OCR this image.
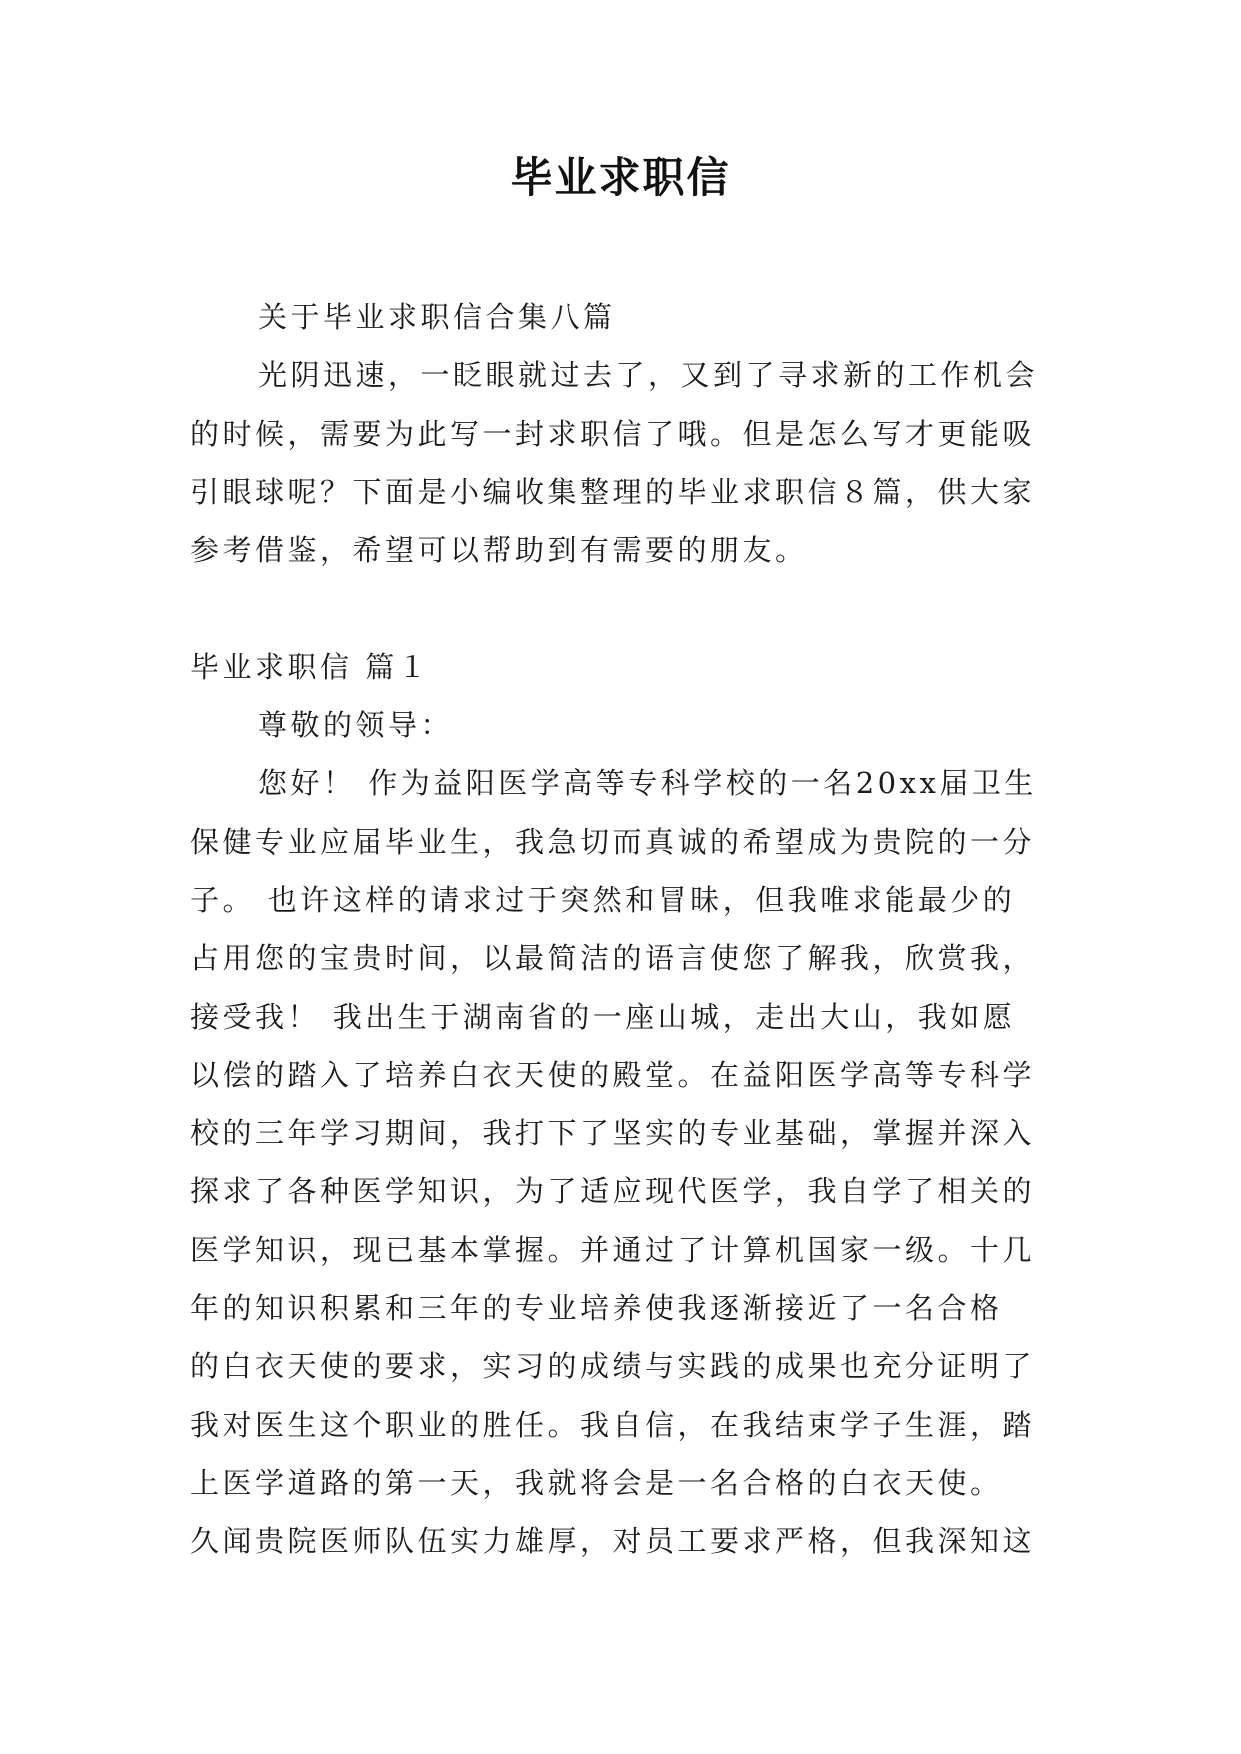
毕业求职信
关于毕业求职信合集八篇
光阴迅速，一眨眼就过去了，又到了寻求新的工作机会
的时候，需要为此写一封求职信了哦。但是怎么写才更能吸
引眼球呢？下面是小编收集整理的毕业求职信８篇，供大家
参考借鉴，希望可以帮助到有需要的朋友。
毕业求职信 篇１
尊敬的领导：
您好！ 作为益阳医学高等专科学校的一名20xx届卫生
保健专业应届毕业生，我急切而真诚的希望成为贵院的一分
子。 也许这样的请求过于突然和冒昧，但我唯求能最少的
占用您的宝贵时间，以最简洁的语言使您了解我，欣赏我，
接受我！ 我出生于湖南省的一座山城，走出大山，我如愿
以偿的踏入了培养白衣天使的殿堂。在益阳医学高等专科学
校的三年学习期间，我打下了坚实的专业基础，掌握并深入
探求了各种医学知识，为了适应现代医学，我自学了相关的
医学知识，现已基本掌握。并通过了计算机国家一级。十几
年的知识积累和三年的专业培养使我逐渐接近了一名合格
的白衣天使的要求，实习的成绩与实践的成果也充分证明了
我对医生这个职业的胜任。我自信，在我结束学子生涯，踏
上医学道路的第一天，我就将会是一名合格的白衣天使。
久闻贵院医师队伍实力雄厚，对员工要求严格，但我深知这
